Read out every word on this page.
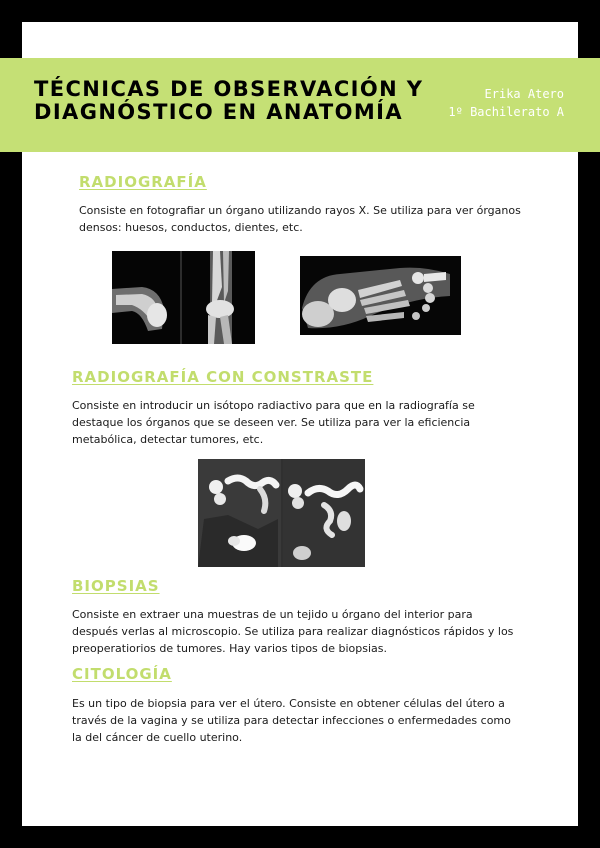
TÉCNICAS DE OBSERVACIÓN Y
DIAGNÓSTICO EN ANATOMÍA
Erika Atero
1º Bachilerato A
RADIOGRAFÍA

Consiste en fotografiar un órgano utilizando rayos X. Se utiliza para ver órganos
densos: huesos, conductos, dientes, etc.

RADIOGRAFÍA CON CONSTRASTE

Consiste en introducir un isótopo radiactivo para que en la radiografía se
destaque los órganos que se deseen ver. Se utiliza para ver la eficiencia
metabólica, detectar tumores, etc.

BIOPSIAS

Consiste en extraer una muestras de un tejido u órgano del interior para
después verlas al microscopio. Se utiliza para realizar diagnósticos rápidos y los
preoperatiorios de tumores. Hay varios tipos de biopsias.

CITOLOGÍA

Es un tipo de biopsia para ver el útero. Consiste en obtener células del útero a
través de la vagina y se utiliza para detectar infecciones o enfermedades como
la del cáncer de cuello uterino.
